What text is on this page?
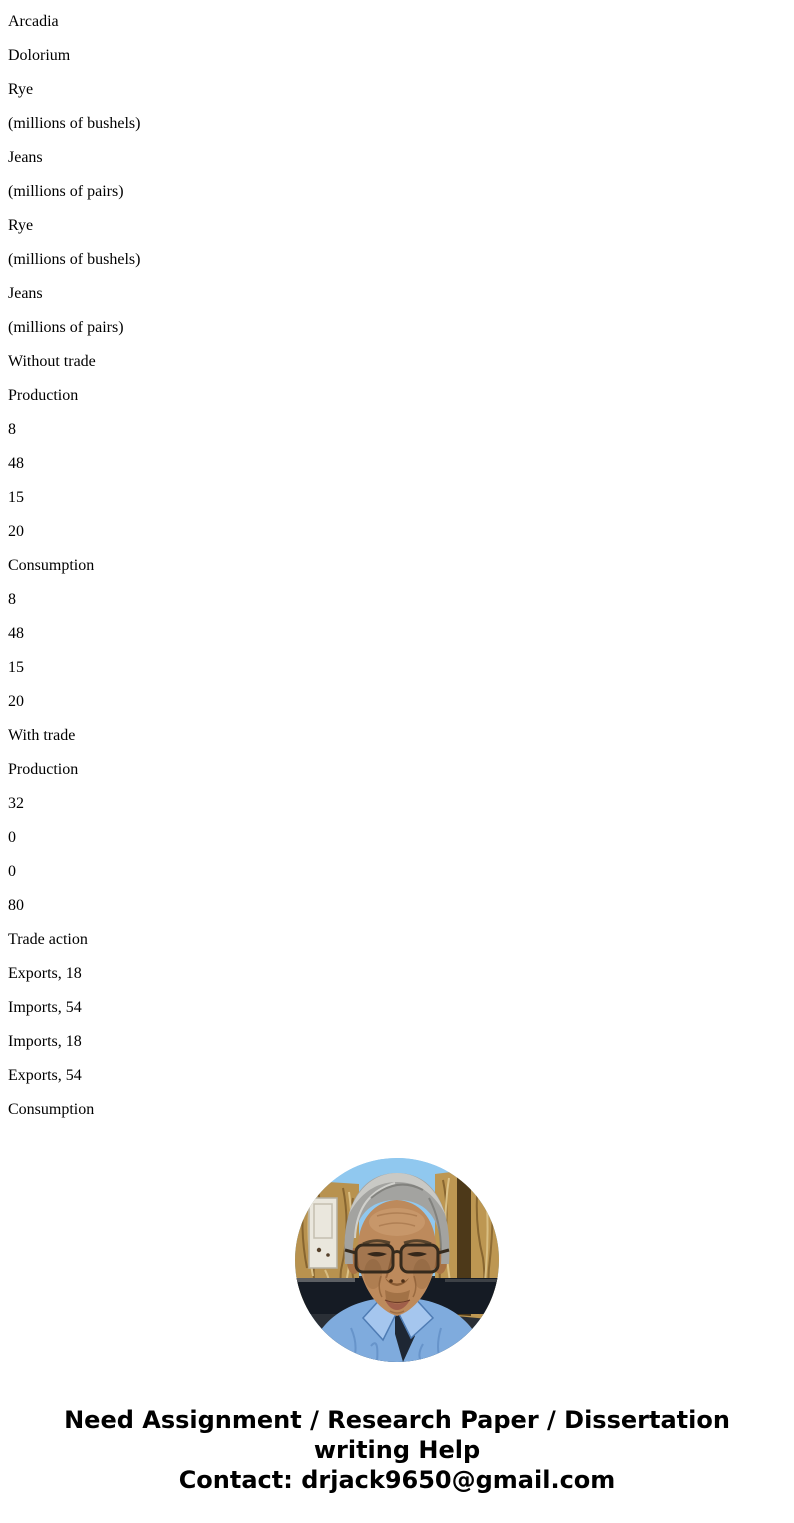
Arcadia

Dolorium

Rye

(millions of bushels)

Jeans

(millions of pairs)

Rye

(millions of bushels)

Jeans

(millions of pairs)

Without trade

Production

8

48

15

20

Consumption

8

48

15

20

With trade

Production

32

0

0

80

Trade action

Exports, 18

Imports, 54

Imports, 18

Exports, 54

Consumption

Need Assignment / Research Paper / Dissertation
writing Help
Contact: drjack9650@gmail.com
